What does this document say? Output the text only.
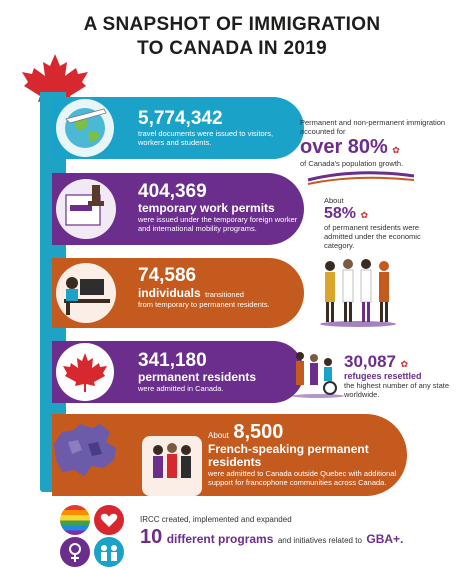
A SNAPSHOT OF IMMIGRATION
TO CANADA IN 2019
5,774,342
travel documents were issued to visitors, workers and students.
404,369
temporary work permits
were issued under the temporary foreign worker and international mobility programs.
74,586
individuals transitioned
from temporary to permanent residents.
341,180
permanent residents
were admitted in Canada.
About 8,500
French-speaking permanent residents
were admitted to Canada outside Quebec with additional support for francophone communities across Canada.
Permanent and non-permanent immigration accounted for
over 80% ✿
of Canada's population growth.
About
58% ✿
of permanent residents were admitted under the economic category.
30,087 ✿
refugees resettled
the highest number of any state worldwide.
IRCC created, implemented and expanded
10 different programs and initiatives related to GBA+.
